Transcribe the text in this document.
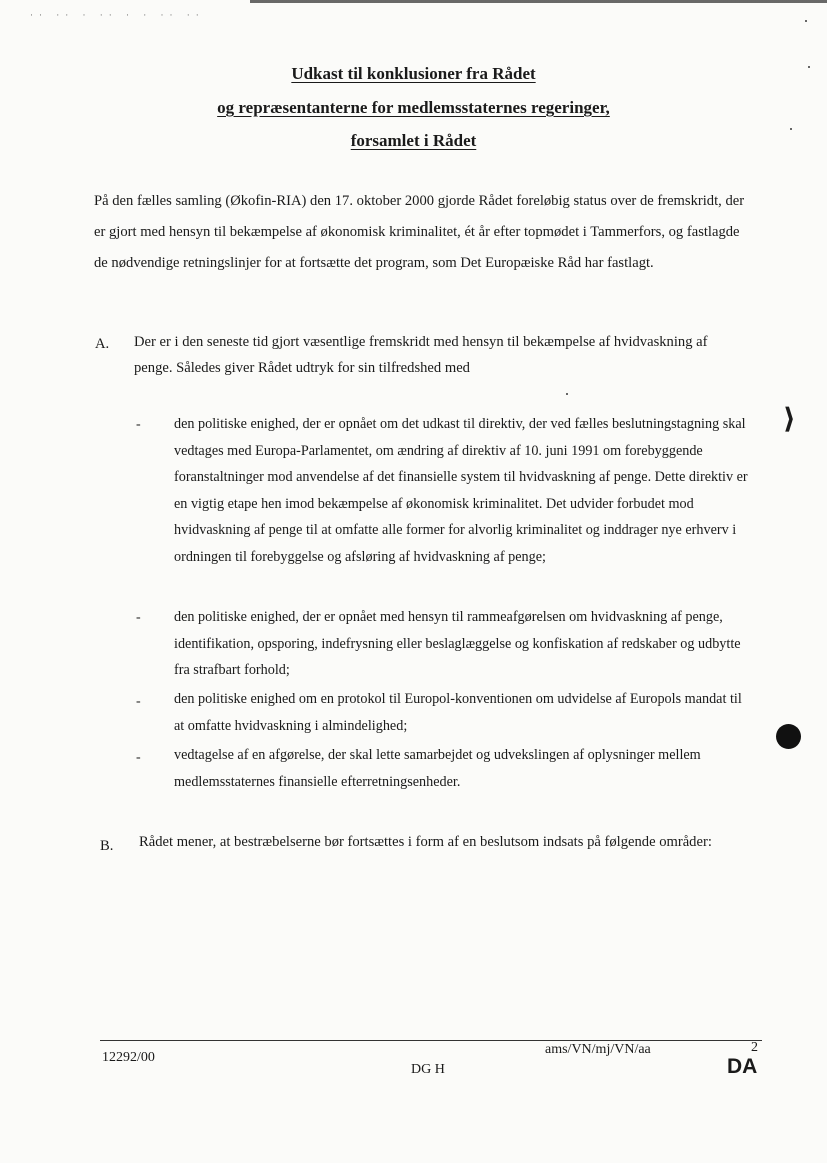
·· ·· · ·· · · ·· ··
Udkast til konklusioner fra Rådet
og repræsentanterne for medlemsstaternes regeringer,
forsamlet i Rådet
På den fælles samling (Økofin-RIA) den 17. oktober 2000 gjorde Rådet foreløbig status over de fremskridt, der er gjort med hensyn til bekæmpelse af økonomisk kriminalitet, ét år efter topmødet i Tammerfors, og fastlagde de nødvendige retningslinjer for at fortsætte det program, som Det Europæiske Råd har fastlagt.
A. Der er i den seneste tid gjort væsentlige fremskridt med hensyn til bekæmpelse af hvidvaskning af penge. Således giver Rådet udtryk for sin tilfredshed med
- den politiske enighed, der er opnået om det udkast til direktiv, der ved fælles beslutningstagning skal vedtages med Europa-Parlamentet, om ændring af direktiv af 10. juni 1991 om forebyggende foranstaltninger mod anvendelse af det finansielle system til hvidvaskning af penge. Dette direktiv er en vigtig etape hen imod bekæmpelse af økonomisk kriminalitet. Det udvider forbudet mod hvidvaskning af penge til at omfatte alle former for alvorlig kriminalitet og inddrager nye erhverv i ordningen til forebyggelse og afsløring af hvidvaskning af penge;
- den politiske enighed, der er opnået med hensyn til rammeafgørelsen om hvidvaskning af penge, identifikation, opsporing, indefrysning eller beslaglæggelse og konfiskation af redskaber og udbytte fra strafbart forhold;
- den politiske enighed om en protokol til Europol-konventionen om udvidelse af Europols mandat til at omfatte hvidvaskning i almindelighed;
- vedtagelse af en afgørelse, der skal lette samarbejdet og udvekslingen af oplysninger mellem medlemsstaternes finansielle efterretningsenheder.
B. Rådet mener, at bestræbelserne bør fortsættes i form af en beslutsom indsats på følgende områder:
⟩
12292/00
DG H
ams/VN/mj/VN/aa	2
DA
